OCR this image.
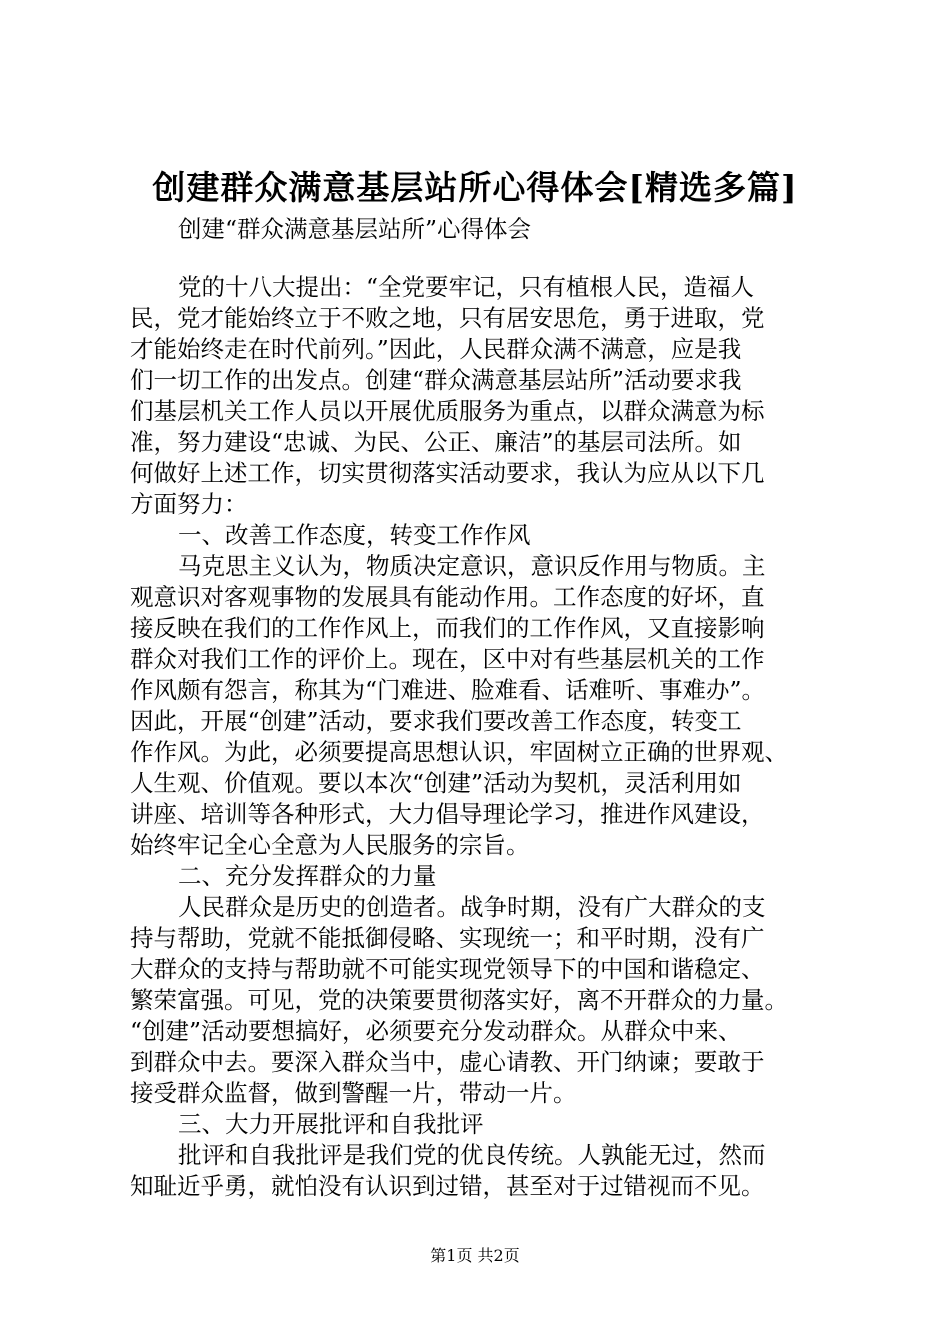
创建群众满意基层站所心得体会[精选多篇]
创建“群众满意基层站所”心得体会
党的十八大提出：“全党要牢记，只有植根人民，造福人
民，党才能始终立于不败之地，只有居安思危，勇于进取，党
才能始终走在时代前列。”因此，人民群众满不满意，应是我
们一切工作的出发点。创建“群众满意基层站所”活动要求我
们基层机关工作人员以开展优质服务为重点，以群众满意为标
准，努力建设“忠诚、为民、公正、廉洁”的基层司法所。如
何做好上述工作，切实贯彻落实活动要求，我认为应从以下几
方面努力：
一、改善工作态度，转变工作作风
马克思主义认为，物质决定意识，意识反作用与物质。主
观意识对客观事物的发展具有能动作用。工作态度的好坏，直
接反映在我们的工作作风上，而我们的工作作风，又直接影响
群众对我们工作的评价上。现在，区中对有些基层机关的工作
作风颇有怨言，称其为“门难进、脸难看、话难听、事难办”。
因此，开展“创建”活动，要求我们要改善工作态度，转变工
作作风。为此，必须要提高思想认识，牢固树立正确的世界观、
人生观、价值观。要以本次“创建”活动为契机，灵活利用如
讲座、培训等各种形式，大力倡导理论学习，推进作风建设，
始终牢记全心全意为人民服务的宗旨。
二、充分发挥群众的力量
人民群众是历史的创造者。战争时期，没有广大群众的支
持与帮助，党就不能抵御侵略、实现统一；和平时期，没有广
大群众的支持与帮助就不可能实现党领导下的中国和谐稳定、
繁荣富强。可见，党的决策要贯彻落实好，离不开群众的力量。
“创建”活动要想搞好，必须要充分发动群众。从群众中来、
到群众中去。要深入群众当中，虚心请教、开门纳谏；要敢于
接受群众监督，做到警醒一片，带动一片。
三、大力开展批评和自我批评
批评和自我批评是我们党的优良传统。人孰能无过，然而
知耻近乎勇，就怕没有认识到过错，甚至对于过错视而不见。
第1页 共2页
